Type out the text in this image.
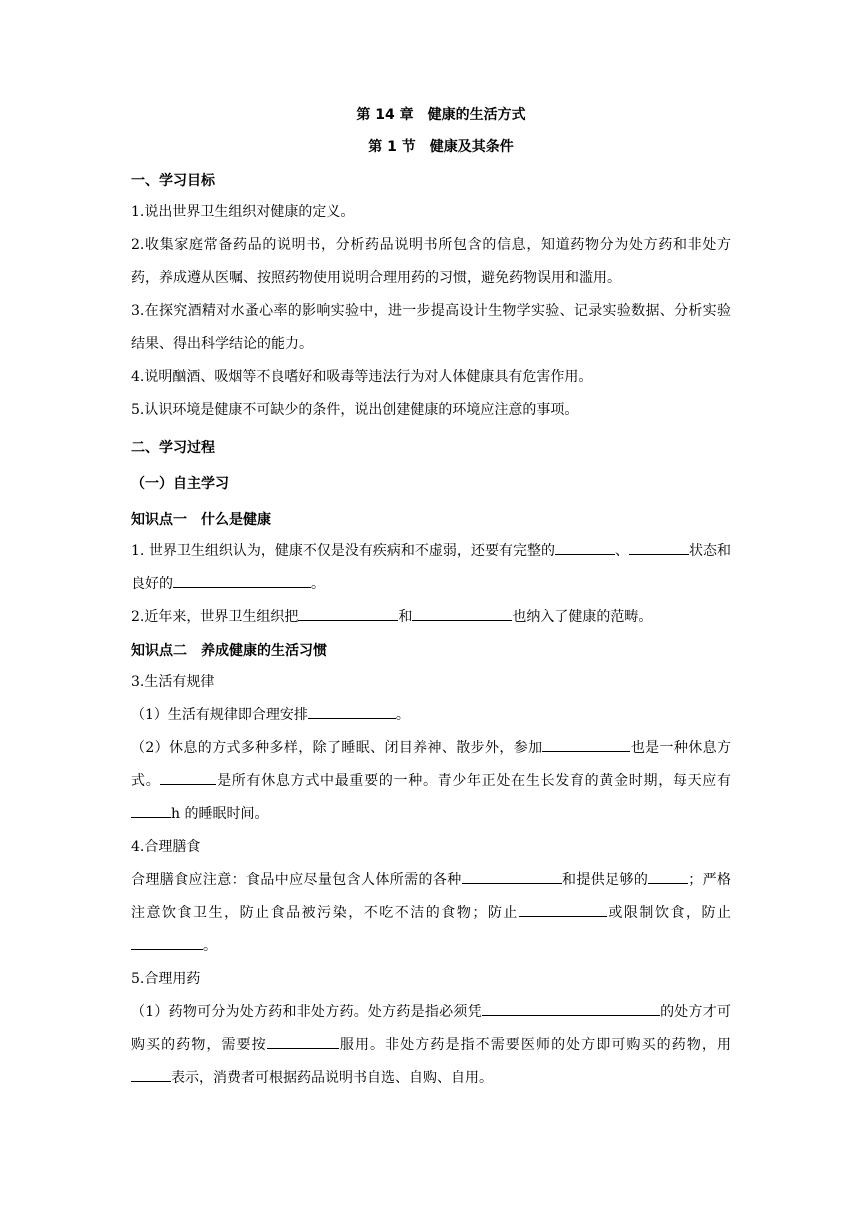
第 14 章　健康的生活方式

第 1 节　健康及其条件

一、学习目标

1.说出世界卫生组织对健康的定义。

2.收集家庭常备药品的说明书，分析药品说明书所包含的信息，知道药物分为处方药和非处方药，养成遵从医嘱、按照药物使用说明合理用药的习惯，避免药物误用和滥用。

3.在探究酒精对水蚤心率的影响实验中，进一步提高设计生物学实验、记录实验数据、分析实验结果、得出科学结论的能力。

4.说明酗酒、吸烟等不良嗜好和吸毒等违法行为对人体健康具有危害作用。

5.认识环境是健康不可缺少的条件，说出创建健康的环境应注意的事项。

二、学习过程

（一）自主学习

知识点一　什么是健康

1. 世界卫生组织认为，健康不仅是没有疾病和不虚弱，还要有完整的	、	状态和良好的	。

2.近年来，世界卫生组织把	和	也纳入了健康的范畴。

知识点二　养成健康的生活习惯

3.生活有规律

（1）生活有规律即合理安排	。

（2）休息的方式多种多样，除了睡眠、闭目养神、散步外，参加	也是一种休息方式。	是所有休息方式中最重要的一种。青少年正处在生长发育的黄金时期，每天应有h 的睡眠时间。

4.合理膳食

合理膳食应注意：食品中应尽量包含人体所需的各种	和提供足够的	；严格注意饮食卫生，防止食品被污染，不吃不洁的食物；防止	或限制饮食，防止。

5.合理用药

（1）药物可分为处方药和非处方药。处方药是指必须凭	的处方才可购买的药物，需要按	服用。非处方药是指不需要医师的处方即可购买的药物，用表示，消费者可根据药品说明书自选、自购、自用。
